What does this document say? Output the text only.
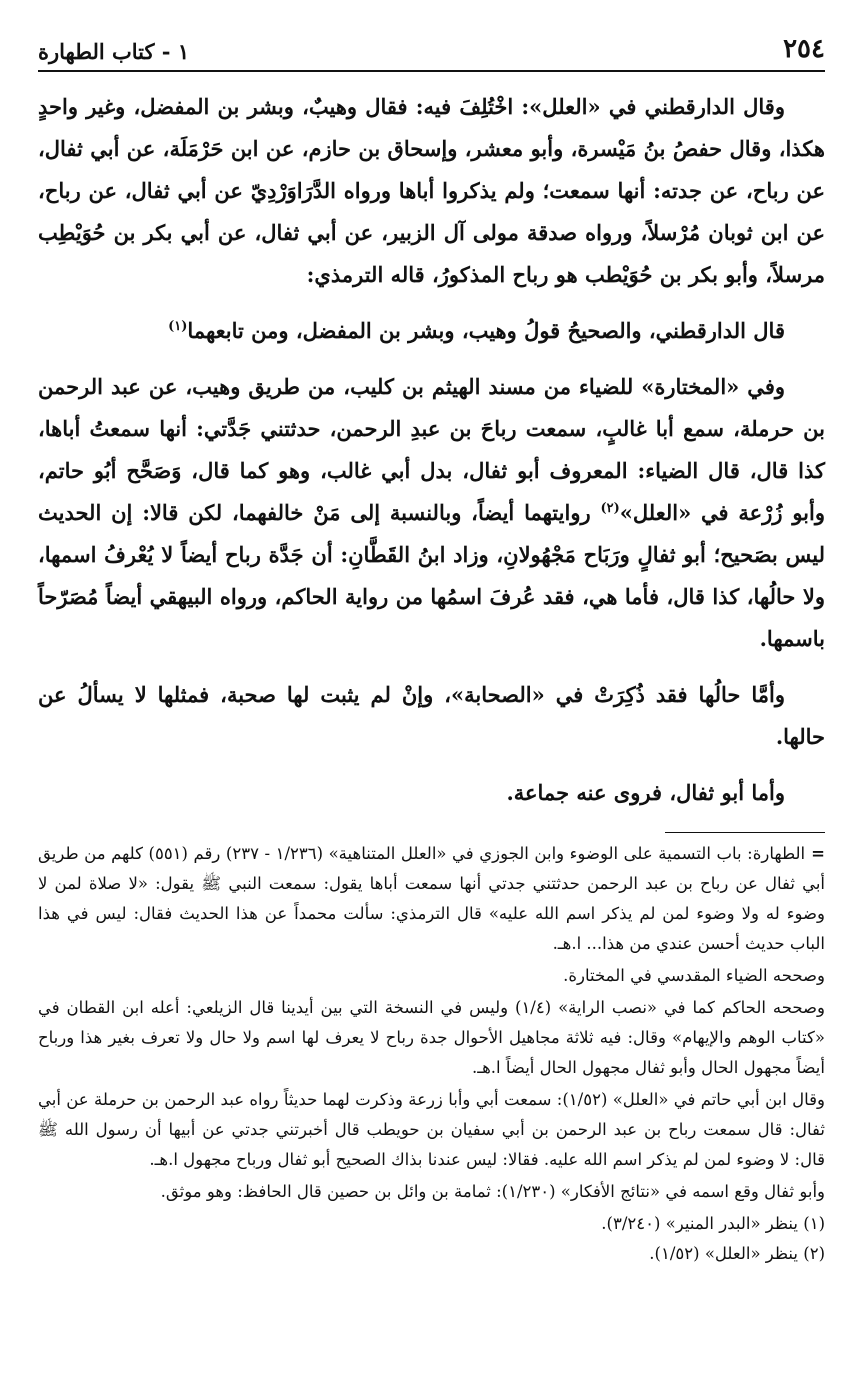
٢٥٤
١ - كتاب الطهارة

وقال الدارقطني في «العلل»: اخْتُلِفَ فيه: فقال وهيبٌ، وبشر بن المفضل، وغير واحدٍ هكذا، وقال حفصُ بنُ مَيْسرة، وأبو معشر، وإسحاق بن حازم، عن ابن حَرْمَلَة، عن أبي ثفال، عن رباح، عن جدته: أنها سمعت؛ ولم يذكروا أباها ورواه الدَّرَاوَرْدِيّ عن أبي ثفال، عن رباح، عن ابن ثوبان مُرْسلاً، ورواه صدقة مولى آل الزبير، عن أبي ثفال، عن أبي بكر بن حُوَيْطِب مرسلاً، وأبو بكر بن حُوَيْطب هو رباح المذكورُ، قاله الترمذي:

قال الدارقطني، والصحيحُ قولُ وهيب، وبشر بن المفضل، ومن تابعهما$^{(١)}$

وفي «المختارة» للضياء من مسند الهيثم بن كليب، من طريق وهيب، عن عبد الرحمن بن حرملة، سمع أبا غالبٍ، سمعت رباحَ بن عبدِ الرحمن، حدثتني جَدَّتي: أنها سمعتُ أباها، كذا قال، قال الضياء: المعروف أبو ثفال، بدل أبي غالب، وهو كما قال، وَصَحَّح أبُو حاتم، وأبو زُرْعة في «العلل»$^{(٢)}$ روايتهما أيضاً، وبالنسبة إلى مَنْ خالفهما، لكن قالا: إن الحديث ليس بصَحيح؛ أبو ثفالٍ ورَبَاح مَجْهُولانِ، وزاد ابنُ القَطَّانِ: أن جَدَّة رباح أيضاً لا يُعْرفُ اسمها، ولا حالُها، كذا قال، فأما هي، فقد عُرفَ اسمُها من رواية الحاكم، ورواه البيهقي أيضاً مُصَرّحاً باسمها.

وأمَّا حالُها فقد ذُكِرَتْ في «الصحابة»، وإنْ لم يثبت لها صحبة، فمثلها لا يسألُ عن حالها.

وأما أبو ثفال، فروى عنه جماعة.

= الطهارة: باب التسمية على الوضوء وابن الجوزي في «العلل المتناهية» (١/٢٣٦ - ٢٣٧) رقم (٥٥١) كلهم من طريق أبي ثفال عن رباح بن عبد الرحمن حدثتني جدتي أنها سمعت أباها يقول: سمعت النبي ﷺ يقول: «لا صلاة لمن لا وضوء له ولا وضوء لمن لم يذكر اسم الله عليه» قال الترمذي: سألت محمداً عن هذا الحديث فقال: ليس في هذا الباب حديث أحسن عندي من هذا... ا.هـ.

وصححه الضياء المقدسي في المختارة.

وصححه الحاكم كما في «نصب الراية» (١/٤) وليس في النسخة التي بين أيدينا قال الزيلعي: أعله ابن القطان في «كتاب الوهم والإيهام» وقال: فيه ثلاثة مجاهيل الأحوال جدة رباح لا يعرف لها اسم ولا حال ولا تعرف بغير هذا ورباح أيضاً مجهول الحال وأبو ثفال مجهول الحال أيضاً ا.هـ.

وقال ابن أبي حاتم في «العلل» (١/٥٢): سمعت أبي وأبا زرعة وذكرت لهما حديثاً رواه عبد الرحمن بن حرملة عن أبي ثفال: قال سمعت رباح بن عبد الرحمن بن أبي سفيان بن حويطب قال أخبرتني جدتي عن أبيها أن رسول الله ﷺ قال: لا وضوء لمن لم يذكر اسم الله عليه. فقالا: ليس عندنا بذاك الصحيح أبو ثفال ورباح مجهول ا.هـ.

وأبو ثفال وقع اسمه في «نتائج الأفكار» (١/٢٣٠): ثمامة بن وائل بن حصين قال الحافظ: وهو موثق.

(١) ينظر «البدر المنير» (٣/٢٤٠).

(٢) ينظر «العلل» (١/٥٢).
